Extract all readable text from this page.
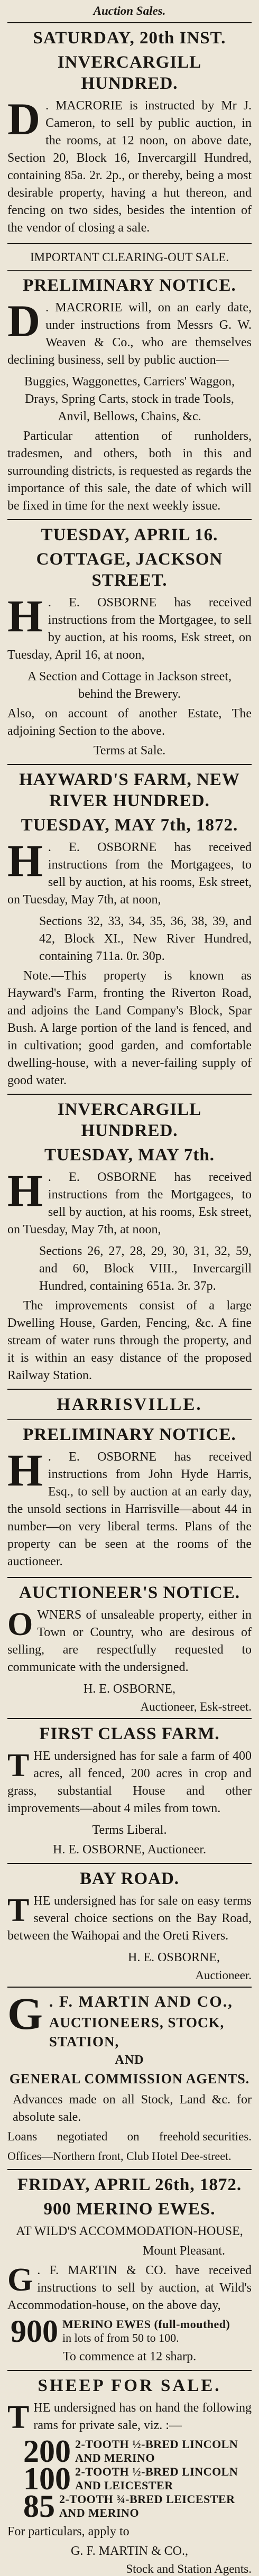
Auction Sales.
SATURDAY, 20th INST.
INVERCARGILL HUNDRED.
D . MACRORIE is instructed by Mr J. Cameron, to sell by public auction, in the rooms, at 12 noon, on above date, Section 20, Block 16, Invercargill Hundred, containing 85a. 2r. 2p., or thereby, being a most desirable property, having a hut thereon, and fencing on two sides, besides the intention of the vendor of closing a sale.
IMPORTANT CLEARING-OUT SALE.
PRELIMINARY NOTICE.
D . MACRORIE will, on an early date, under instructions from Messrs G. W. Weaven & Co., who are themselves declining business, sell by public auction—
Buggies, Waggonettes, Carriers' Waggon, Drays, Spring Carts, stock in trade Tools, Anvil, Bellows, Chains, &c.
Particular attention of runholders, tradesmen, and others, both in this and surrounding districts, is requested as regards the importance of this sale, the date of which will be fixed in time for the next weekly issue.
TUESDAY, APRIL 16.
COTTAGE, JACKSON STREET.
H . E. OSBORNE has received instructions from the Mortgagee, to sell by auction, at his rooms, Esk street, on Tuesday, April 16, at noon,
A Section and Cottage in Jackson street, behind the Brewery.
Also, on account of another Estate, The adjoining Section to the above.
Terms at Sale.
HAYWARD'S FARM, NEW RIVER HUNDRED.
TUESDAY, MAY 7th, 1872.
H . E. OSBORNE has received instructions from the Mortgagees, to sell by auction, at his rooms, Esk street, on Tuesday, May 7th, at noon,
Sections 32, 33, 34, 35, 36, 38, 39, and 42, Block XI., New River Hundred, containing 711a. 0r. 30p.
Note.—This property is known as Hayward's Farm, fronting the Riverton Road, and adjoins the Land Company's Block, Spar Bush. A large portion of the land is fenced, and in cultivation; good garden, and comfortable dwelling-house, with a never-failing supply of good water.
INVERCARGILL HUNDRED.
TUESDAY, MAY 7th.
H . E. OSBORNE has received instructions from the Mortgagees, to sell by auction, at his rooms, Esk street, on Tuesday, May 7th, at noon,
Sections 26, 27, 28, 29, 30, 31, 32, 59, and 60, Block VIII., Invercargill Hundred, containing 651a. 3r. 37p.
The improvements consist of a large Dwelling House, Garden, Fencing, &c. A fine stream of water runs through the property, and it is within an easy distance of the proposed Railway Station.
HARRISVILLE.
PRELIMINARY NOTICE.
H . E. OSBORNE has received instructions from John Hyde Harris, Esq., to sell by auction at an early day, the unsold sections in Harrisville—about 44 in number—on very liberal terms. Plans of the property can be seen at the rooms of the auctioneer.
AUCTIONEER'S NOTICE.
OWNERS of unsaleable property, either in Town or Country, who are desirous of selling, are respectfully requested to communicate with the undersigned.
H. E. OSBORNE,
Auctioneer, Esk-street.
FIRST CLASS FARM.
THE undersigned has for sale a farm of 400 acres, all fenced, 200 acres in crop and grass, substantial House and other improvements—about 4 miles from town.
Terms Liberal.
H. E. OSBORNE, Auctioneer.
BAY ROAD.
THE undersigned has for sale on easy terms several choice sections on the Bay Road, between the Waihopai and the Oreti Rivers.
H. E. OSBORNE,
Auctioneer.
G . F. MARTIN AND CO.,
AUCTIONEERS, STOCK, STATION,
AND
GENERAL COMMISSION AGENTS.
Advances made on all Stock, Land &c. for absolute sale.
Loans negotiated on freehold securities.
Offices—Northern front, Club Hotel Dee-street.
FRIDAY, APRIL 26th, 1872.
900 MERINO EWES.
AT WILD'S ACCOMMODATION-HOUSE,
Mount Pleasant.
G . F. MARTIN & CO. have received instructions to sell by auction, at Wild's Accommodation-house, on the above day,
900 MERINO EWES (full-mouthed)
in lots of from 50 to 100.
To commence at 12 sharp.
SHEEP FOR SALE.
THE undersigned has on hand the following rams for private sale, viz. :—
200 2-TOOTH ½-BRED LINCOLN
AND MERINO
100 2-TOOTH ½-BRED LINCOLN
AND LEICESTER
85 2-TOOTH ¾-BRED LEICESTER
AND MERINO
For particulars, apply to
G. F. MARTIN & CO.,
Stock and Station Agents.
